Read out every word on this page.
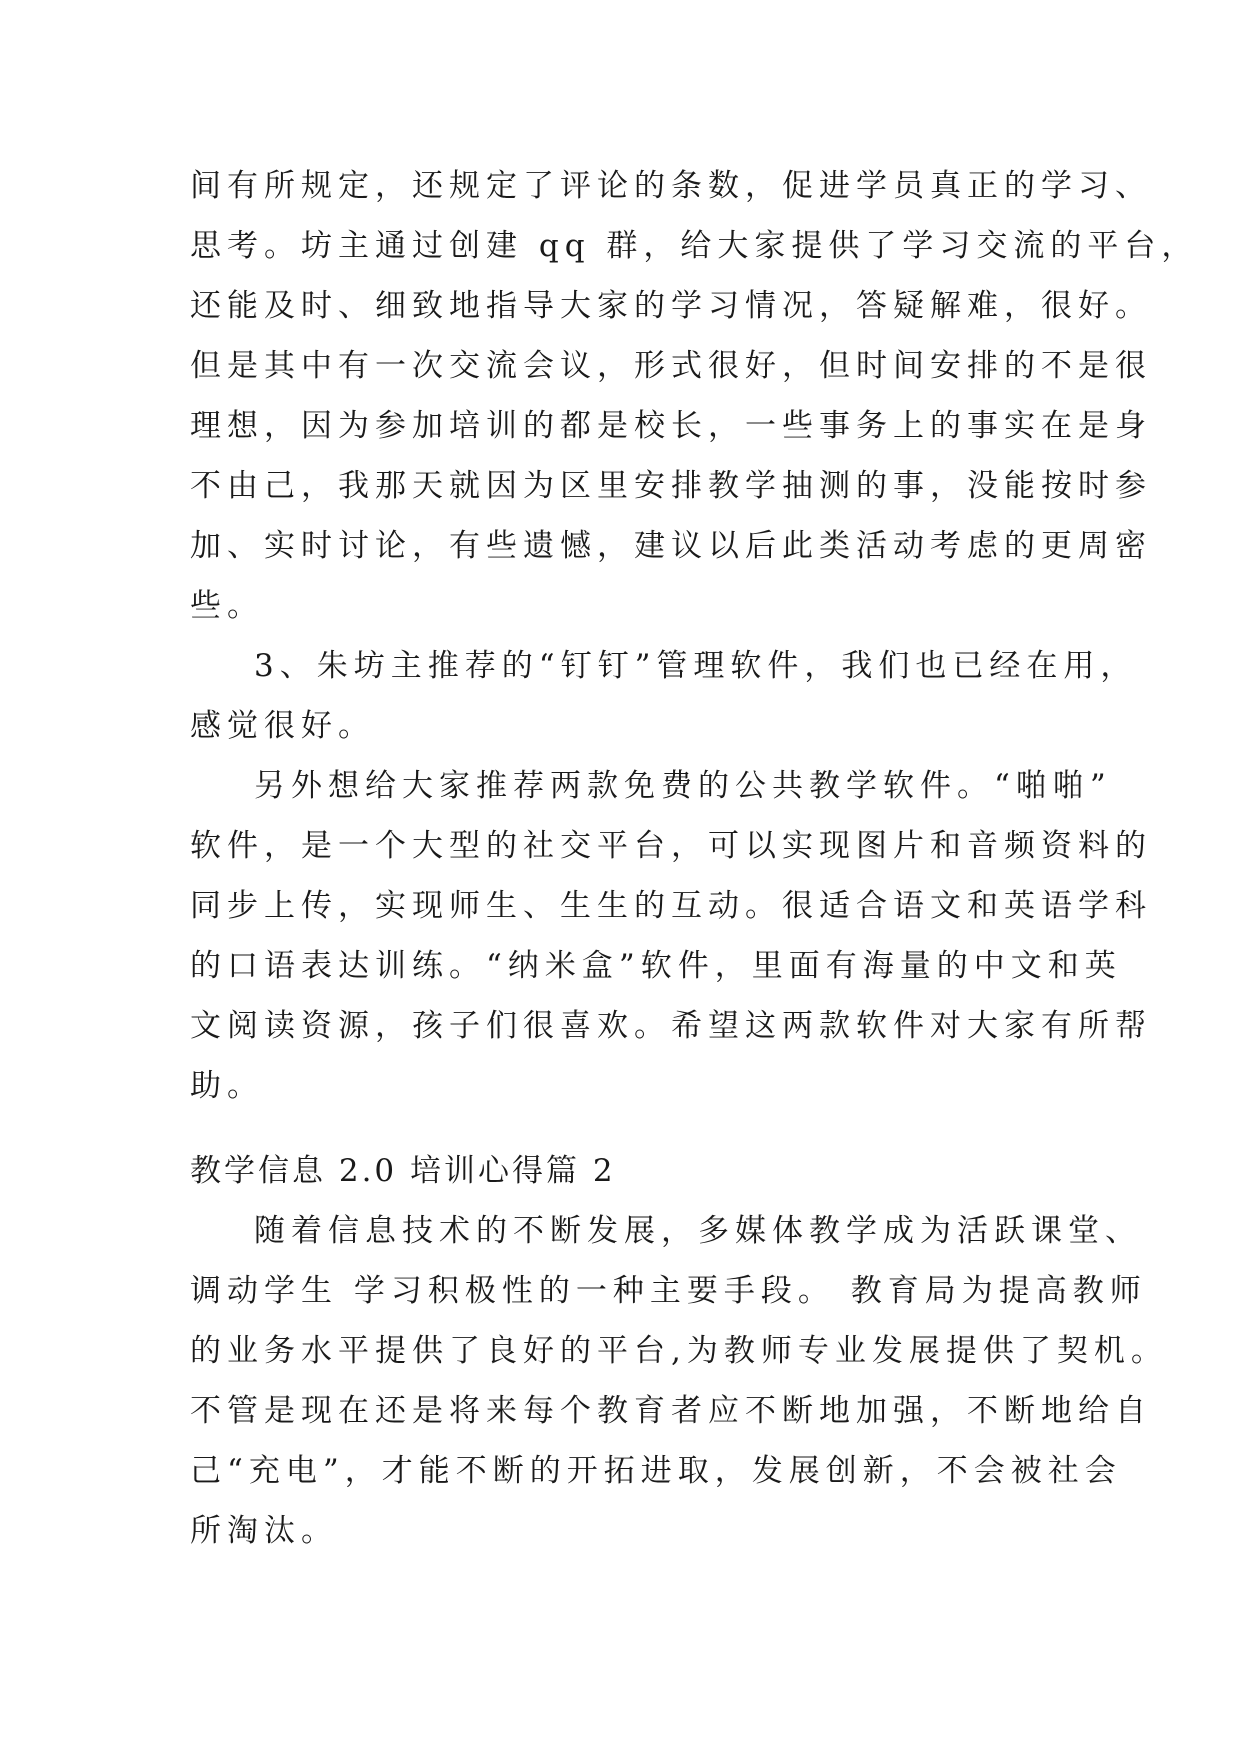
间有所规定，还规定了评论的条数，促进学员真正的学习、
思考。坊主通过创建 qq 群，给大家提供了学习交流的平台，
还能及时、细致地指导大家的学习情况，答疑解难，很好。
但是其中有一次交流会议，形式很好，但时间安排的不是很
理想，因为参加培训的都是校长，一些事务上的事实在是身
不由己，我那天就因为区里安排教学抽测的事，没能按时参
加、实时讨论，有些遗憾，建议以后此类活动考虑的更周密
些。
3、朱坊主推荐的“钉钉”管理软件，我们也已经在用，
感觉很好。
另外想给大家推荐两款免费的公共教学软件。“啪啪”
软件，是一个大型的社交平台，可以实现图片和音频资料的
同步上传，实现师生、生生的互动。很适合语文和英语学科
的口语表达训练。“纳米盒”软件，里面有海量的中文和英
文阅读资源，孩子们很喜欢。希望这两款软件对大家有所帮
助。
教学信息 2.0 培训心得篇 2
随着信息技术的不断发展，多媒体教学成为活跃课堂、
调动学生 学习积极性的一种主要手段。 教育局为提高教师
的业务水平提供了良好的平台,为教师专业发展提供了契机。
不管是现在还是将来每个教育者应不断地加强，不断地给自
己“充电”，才能不断的开拓进取，发展创新，不会被社会
所淘汰。
